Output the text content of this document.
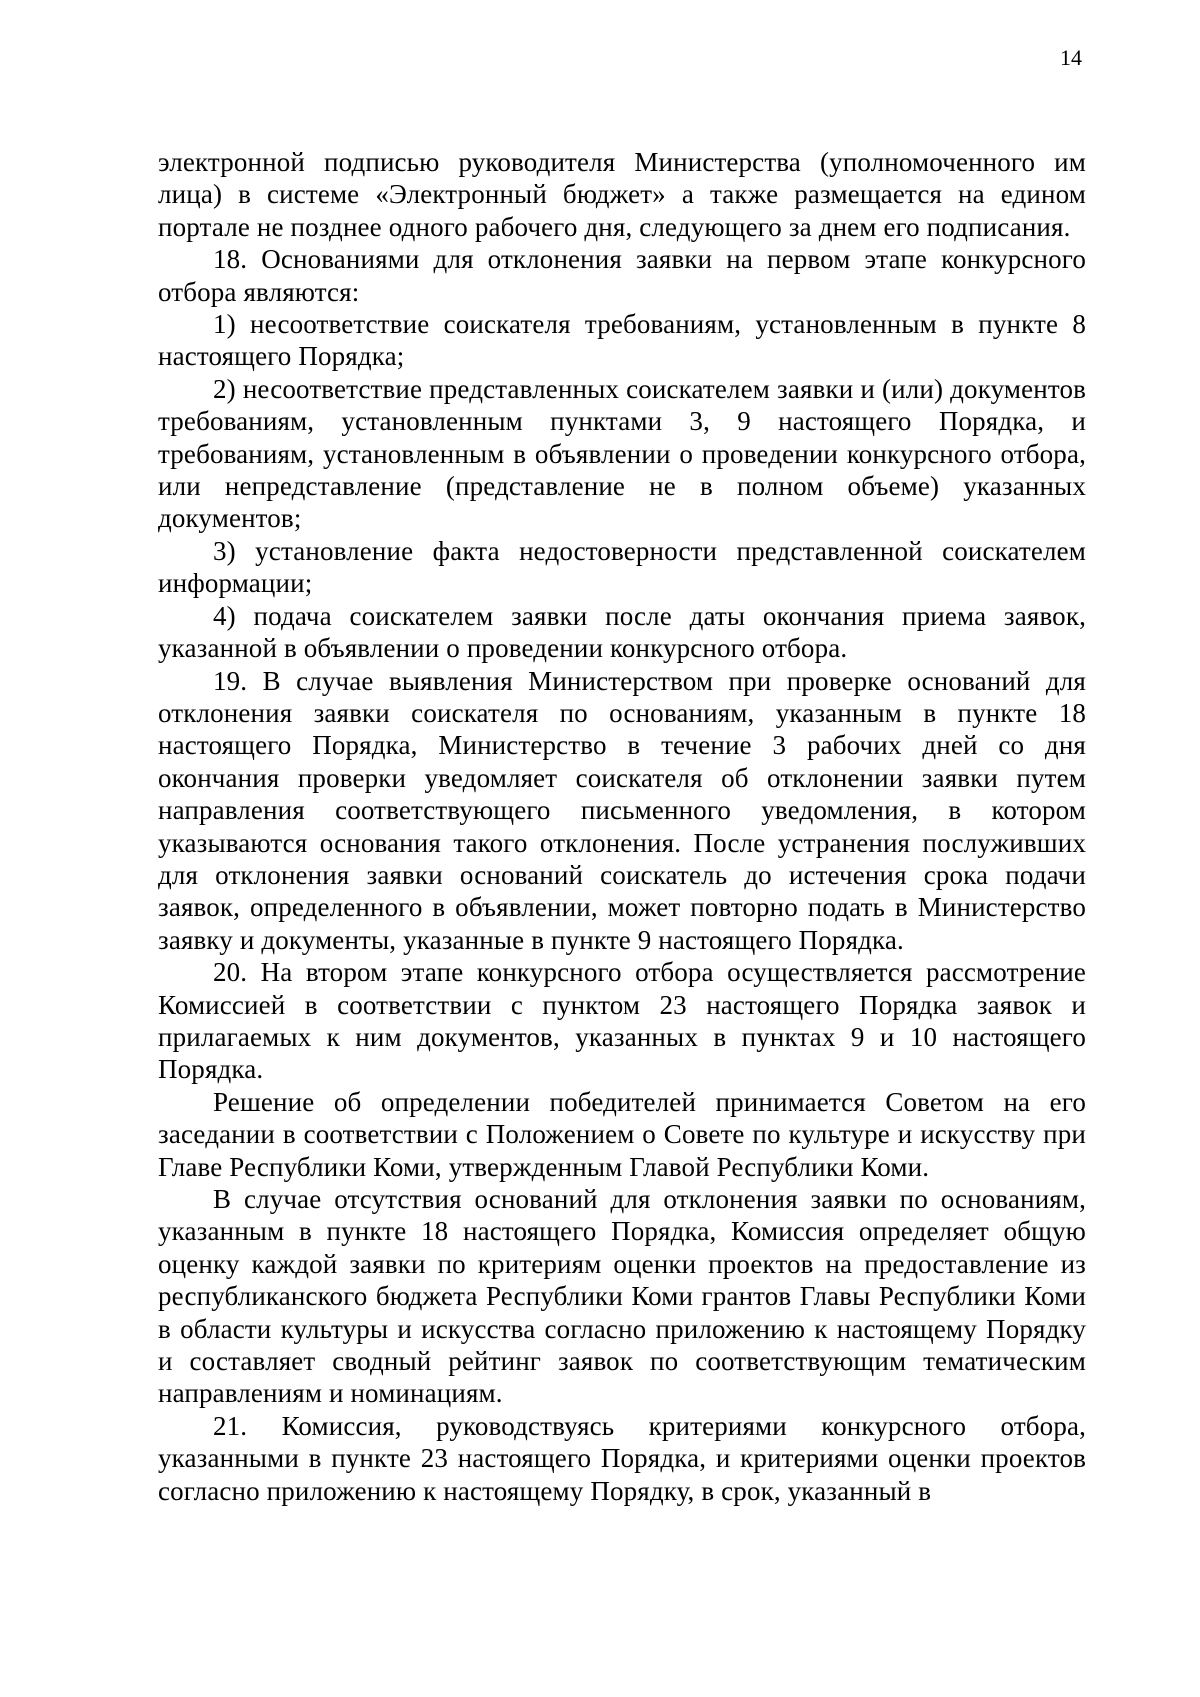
14

электронной подписью руководителя Министерства (уполномоченного им лица) в системе «Электронный бюджет» а также размещается на едином портале не позднее одного рабочего дня, следующего за днем его подписания.

18. Основаниями для отклонения заявки на первом этапе конкурсного отбора являются:

1) несоответствие соискателя требованиям, установленным в пункте 8 настоящего Порядка;

2) несоответствие представленных соискателем заявки и (или) документов требованиям, установленным пунктами 3, 9 настоящего Порядка, и требованиям, установленным в объявлении о проведении конкурсного отбора, или непредставление (представление не в полном объеме) указанных документов;

3) установление факта недостоверности представленной соискателем информации;

4) подача соискателем заявки после даты окончания приема заявок, указанной в объявлении о проведении конкурсного отбора.

19. В случае выявления Министерством при проверке оснований для отклонения заявки соискателя по основаниям, указанным в пункте 18 настоящего Порядка, Министерство в течение 3 рабочих дней со дня окончания проверки уведомляет соискателя об отклонении заявки путем направления соответствующего письменного уведомления, в котором указываются основания такого отклонения. После устранения послуживших для отклонения заявки оснований соискатель до истечения срока подачи заявок, определенного в объявлении, может повторно подать в Министерство заявку и документы, указанные в пункте 9 настоящего Порядка.

20. На втором этапе конкурсного отбора осуществляется рассмотрение Комиссией в соответствии с пунктом 23 настоящего Порядка заявок и прилагаемых к ним документов, указанных в пунктах 9 и 10 настоящего Порядка.

Решение об определении победителей принимается Советом на его заседании в соответствии с Положением о Совете по культуре и искусству при Главе Республики Коми, утвержденным Главой Республики Коми.

В случае отсутствия оснований для отклонения заявки по основаниям, указанным в пункте 18 настоящего Порядка, Комиссия определяет общую оценку каждой заявки по критериям оценки проектов на предоставление из республиканского бюджета Республики Коми грантов Главы Республики Коми в области культуры и искусства согласно приложению к настоящему Порядку и составляет сводный рейтинг заявок по соответствующим тематическим направлениям и номинациям.

21. Комиссия, руководствуясь критериями конкурсного отбора, указанными в пункте 23 настоящего Порядка, и критериями оценки проектов согласно приложению к настоящему Порядку, в срок, указанный в
